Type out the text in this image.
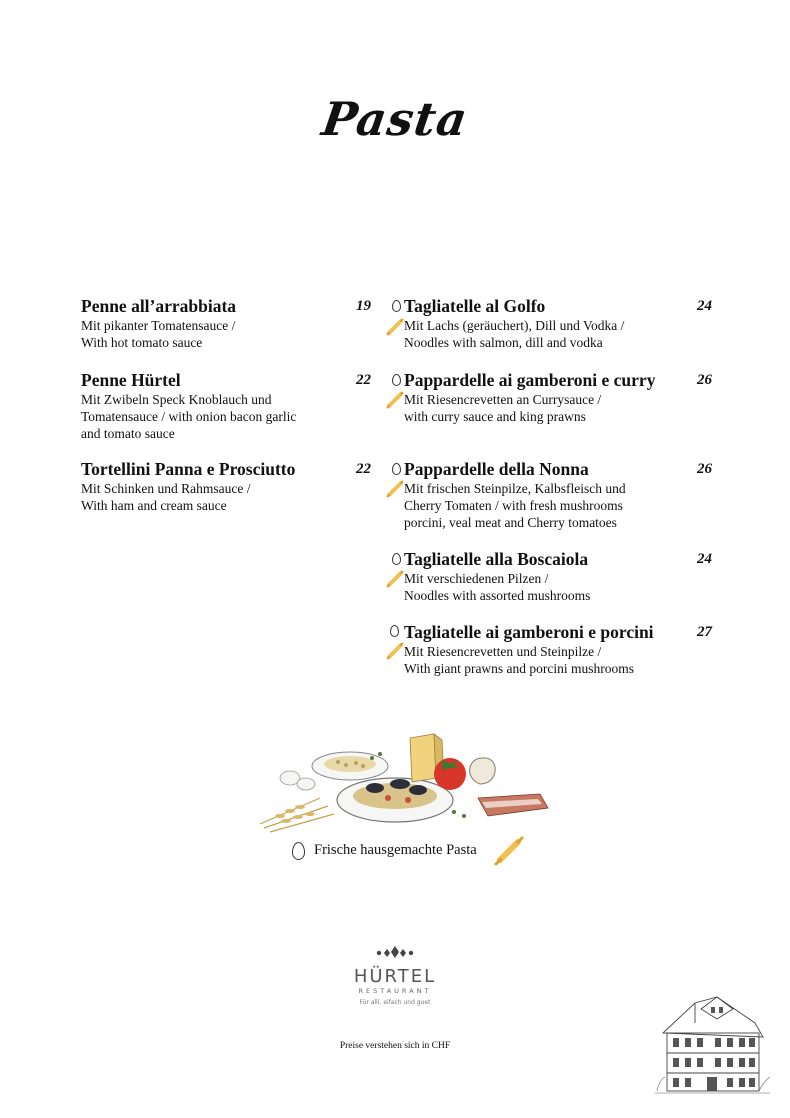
Pasta
Penne all’arrabbiata	19
Mit pikanter Tomatensauce /
With hot tomato sauce
Penne Hürtel	22
Mit Zwibeln Speck Knoblauch und
Tomatensauce / with onion bacon garlic
and tomato sauce
Tortellini Panna e Prosciutto	22
Mit Schinken und Rahmsauce /
With ham and cream sauce
Tagliatelle al Golfo	24
Mit Lachs (geräuchert), Dill und Vodka /
Noodles with salmon, dill and vodka
Pappardelle ai gamberoni e curry	26
Mit Riesencrevetten an Currysauce /
with curry sauce and king prawns
Pappardelle della Nonna	26
Mit frischen Steinpilze, Kalbsfleisch und
Cherry Tomaten / with fresh mushrooms
porcini, veal meat and Cherry tomatoes
Tagliatelle alla Boscaiola	24
Mit verschiedenen Pilzen /
Noodles with assorted mushrooms
Tagliatelle ai gamberoni e porcini	27
Mit Riesencrevetten und Steinpilze /
With giant prawns and porcini mushrooms
Frische hausgemachte Pasta
HÜRTEL
RESTAURANT
Für alli, eifach und guet
Preise verstehen sich in CHF
